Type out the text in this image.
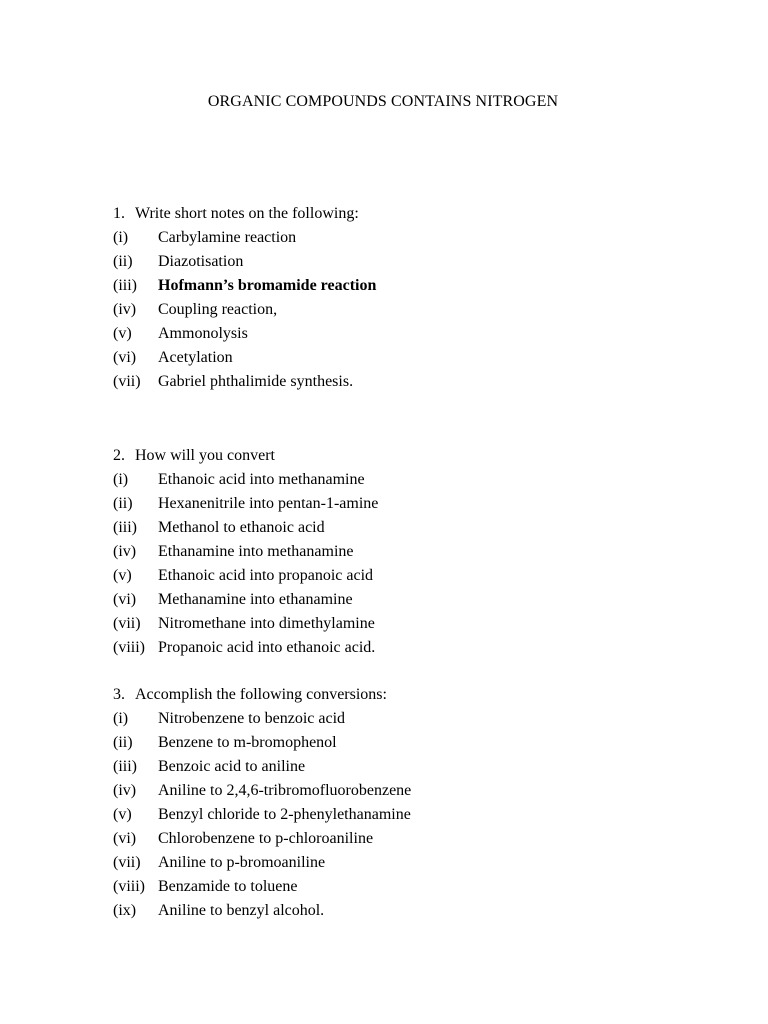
ORGANIC COMPOUNDS CONTAINS NITROGEN
1. Write short notes on the following:
(i) Carbylamine reaction
(ii) Diazotisation
(iii) Hofmann’s bromamide reaction
(iv) Coupling reaction,
(v) Ammonolysis
(vi) Acetylation
(vii) Gabriel phthalimide synthesis.
2. How will you convert
(i) Ethanoic acid into methanamine
(ii) Hexanenitrile into pentan-1-amine
(iii) Methanol to ethanoic acid
(iv) Ethanamine into methanamine
(v) Ethanoic acid into propanoic acid
(vi) Methanamine into ethanamine
(vii) Nitromethane into dimethylamine
(viii) Propanoic acid into ethanoic acid.
3. Accomplish the following conversions:
(i) Nitrobenzene to benzoic acid
(ii) Benzene to m-bromophenol
(iii) Benzoic acid to aniline
(iv) Aniline to 2,4,6-tribromofluorobenzene
(v) Benzyl chloride to 2-phenylethanamine
(vi) Chlorobenzene to p-chloroaniline
(vii) Aniline to p-bromoaniline
(viii) Benzamide to toluene
(ix) Aniline to benzyl alcohol.
